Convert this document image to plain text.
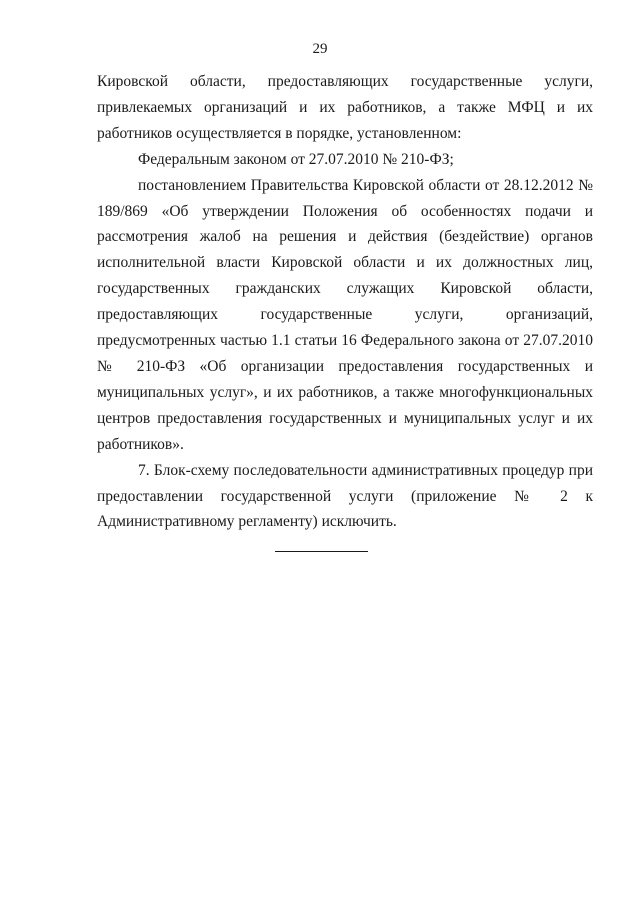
29

Кировской области, предоставляющих государственные услуги, привлекаемых организаций и их работников, а также МФЦ и их работников осуществляется в порядке, установленном:

Федеральным законом от 27.07.2010 № 210-ФЗ;

постановлением Правительства Кировской области от 28.12.2012 № 189/869 «Об утверждении Положения об особенностях подачи и рассмотрения жалоб на решения и действия (бездействие) органов исполнительной власти Кировской области и их должностных лиц, государственных гражданских служащих Кировской области, предоставляющих государственные услуги, организаций, предусмотренных частью 1.1 статьи 16 Федерального закона от 27.07.2010 № 210-ФЗ «Об организации предоставления государственных и муниципальных услуг», и их работников, а также многофункциональных центров предоставления государственных и муниципальных услуг и их работников».

7. Блок-схему последовательности административных процедур при предоставлении государственной услуги (приложение № 2 к Административному регламенту) исключить.
